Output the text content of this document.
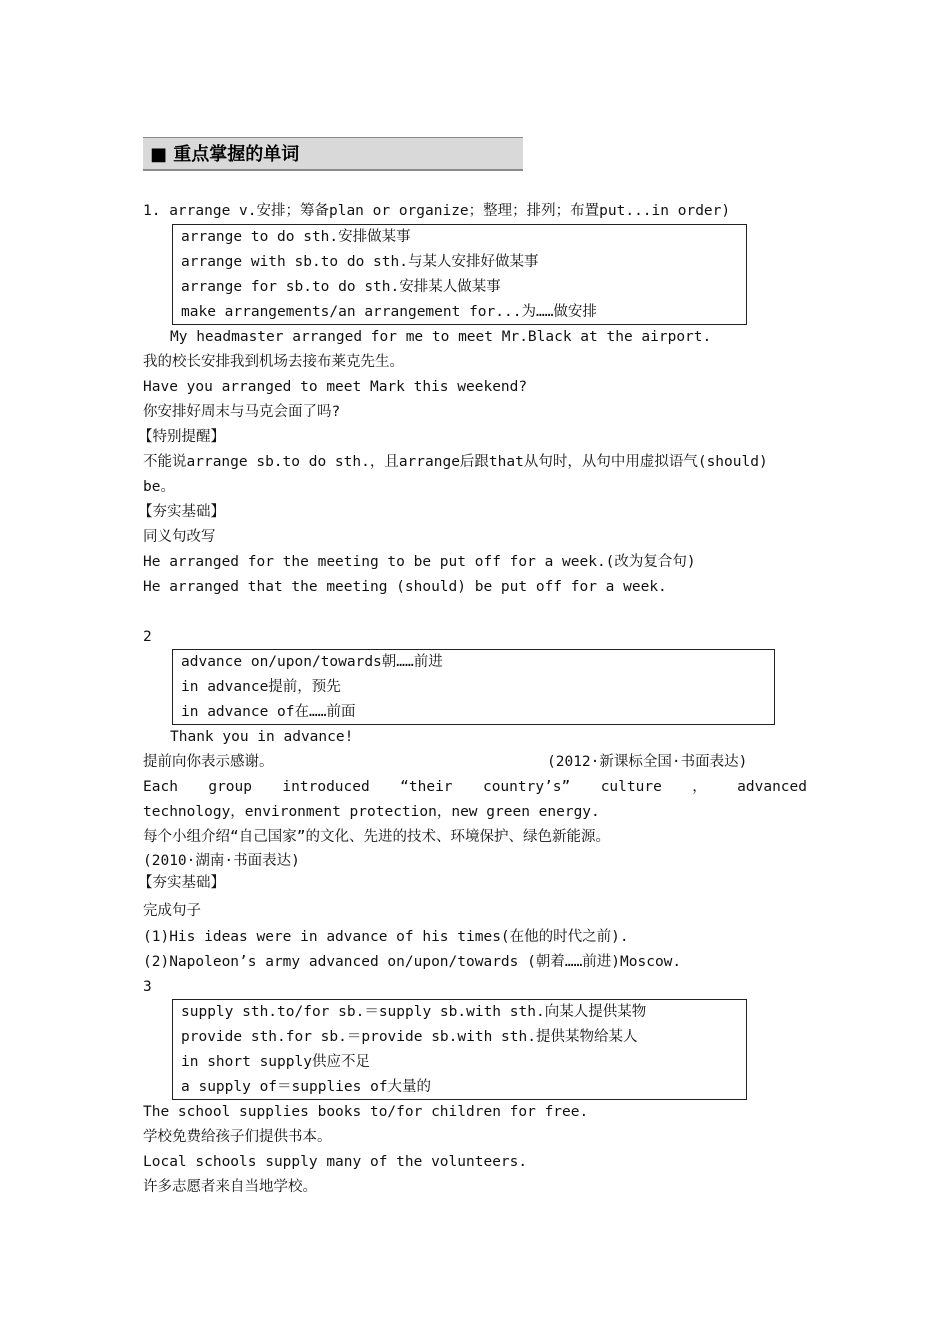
■ 重点掌握的单词
1. arrange v.安排；筹备plan or organize；整理；排列；布置put...in order)
arrange to do sth.安排做某事
arrange with sb.to do sth.与某人安排好做某事
arrange for sb.to do sth.安排某人做某事
make arrangements/an arrangement for...为……做安排
My headmaster arranged for me to meet Mr.Black at the airport.
我的校长安排我到机场去接布莱克先生。
Have you arranged to meet Mark this weekend?
你安排好周末与马克会面了吗?
【特别提醒】
不能说arrange sb.to do sth.，且arrange后跟that从句时，从句中用虚拟语气(should)
be。
【夯实基础】
同义句改写
He arranged for the meeting to be put off for a week.(改为复合句)
He arranged that the meeting (should) be put off for a week.
2
advance on/upon/towards朝……前进
in advance提前，预先
in advance of在……前面
Thank you in advance!
提前向你表示感谢。	(2012·新课标全国·书面表达)
Each group introduced “their country’s” culture ， advanced
technology，environment protection，new green energy.
每个小组介绍“自己国家”的文化、先进的技术、环境保护、绿色新能源。
(2010·湖南·书面表达)
【夯实基础】
完成句子
(1)His ideas were in advance of his times(在他的时代之前).
(2)Napoleon’s army advanced on/upon/towards (朝着……前进)Moscow.
3
supply sth.to/for sb.＝supply sb.with sth.向某人提供某物
provide sth.for sb.＝provide sb.with sth.提供某物给某人
in short supply供应不足
a supply of＝supplies of大量的
The school supplies books to/for children for free.
学校免费给孩子们提供书本。
Local schools supply many of the volunteers.
许多志愿者来自当地学校。
